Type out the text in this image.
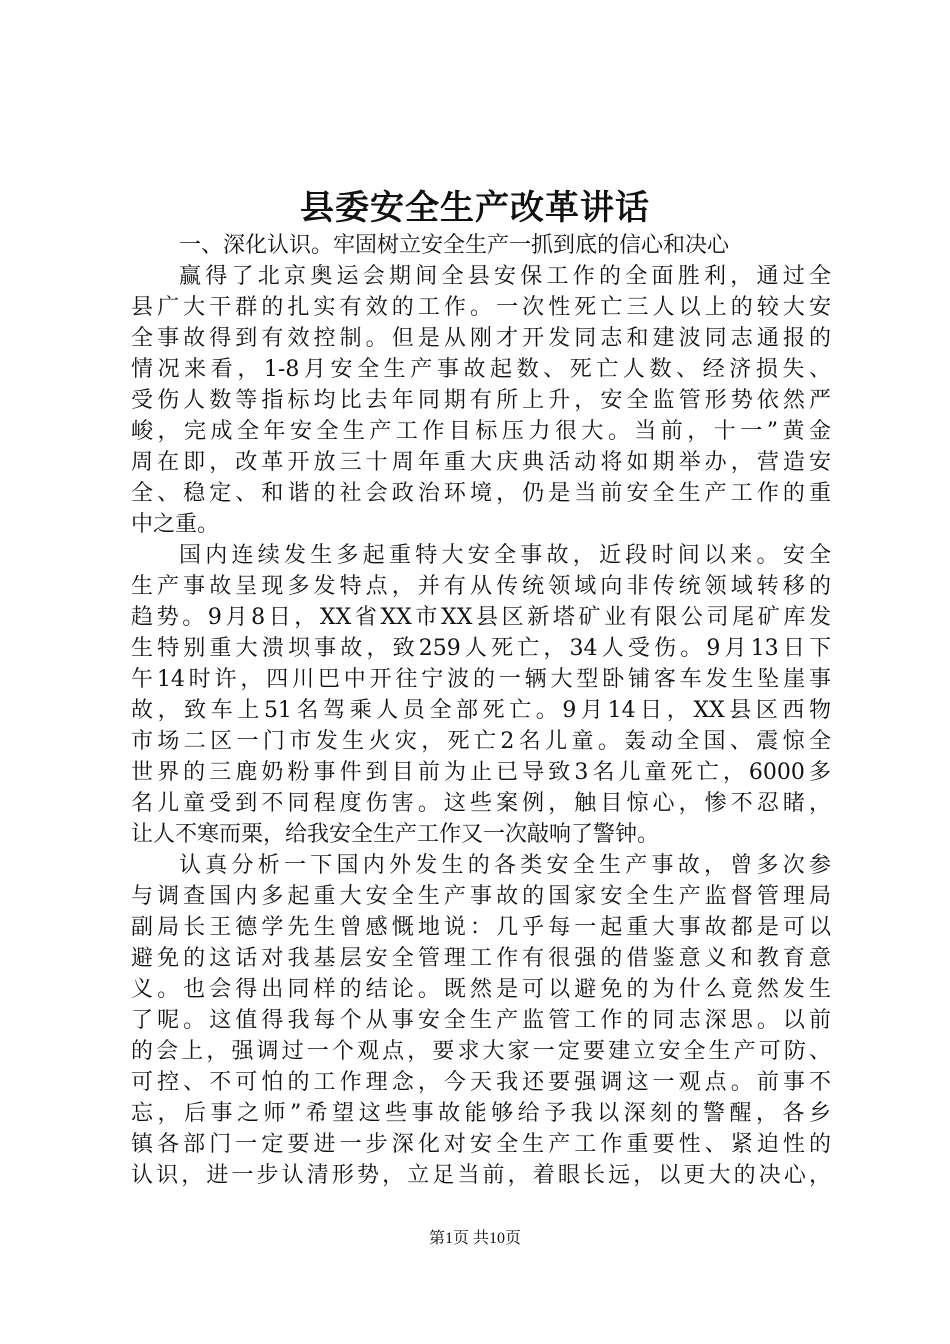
县委安全生产改革讲话
一、深化认识。牢固树立安全生产一抓到底的信心和决心
赢得了北京奥运会期间全县安保工作的全面胜利，通过全
县广大干群的扎实有效的工作。一次性死亡三人以上的较大安
全事故得到有效控制。但是从刚才开发同志和建波同志通报的
情况来看，1-8月安全生产事故起数、死亡人数、经济损失、
受伤人数等指标均比去年同期有所上升，安全监管形势依然严
峻，完成全年安全生产工作目标压力很大。当前，十一”黄金
周在即，改革开放三十周年重大庆典活动将如期举办，营造安
全、稳定、和谐的社会政治环境，仍是当前安全生产工作的重
中之重。
国内连续发生多起重特大安全事故，近段时间以来。安全
生产事故呈现多发特点，并有从传统领域向非传统领域转移的
趋势。9月8日，XX省XX市XX县区新塔矿业有限公司尾矿库发
生特别重大溃坝事故，致259人死亡，34人受伤。9月13日下
午14时许，四川巴中开往宁波的一辆大型卧铺客车发生坠崖事
故，致车上51名驾乘人员全部死亡。9月14日，XX县区西物
市场二区一门市发生火灾，死亡2名儿童。轰动全国、震惊全
世界的三鹿奶粉事件到目前为止已导致3名儿童死亡，6000多
名儿童受到不同程度伤害。这些案例，触目惊心，惨不忍睹，
让人不寒而栗，给我安全生产工作又一次敲响了警钟。
认真分析一下国内外发生的各类安全生产事故，曾多次参
与调查国内多起重大安全生产事故的国家安全生产监督管理局
副局长王德学先生曾感慨地说：几乎每一起重大事故都是可以
避免的这话对我基层安全管理工作有很强的借鉴意义和教育意
义。也会得出同样的结论。既然是可以避免的为什么竟然发生
了呢。这值得我每个从事安全生产监管工作的同志深思。以前
的会上，强调过一个观点，要求大家一定要建立安全生产可防、
可控、不可怕的工作理念，今天我还要强调这一观点。前事不
忘，后事之师”希望这些事故能够给予我以深刻的警醒，各乡
镇各部门一定要进一步深化对安全生产工作重要性、紧迫性的
认识，进一步认清形势，立足当前，着眼长远，以更大的决心，
第1页 共10页
